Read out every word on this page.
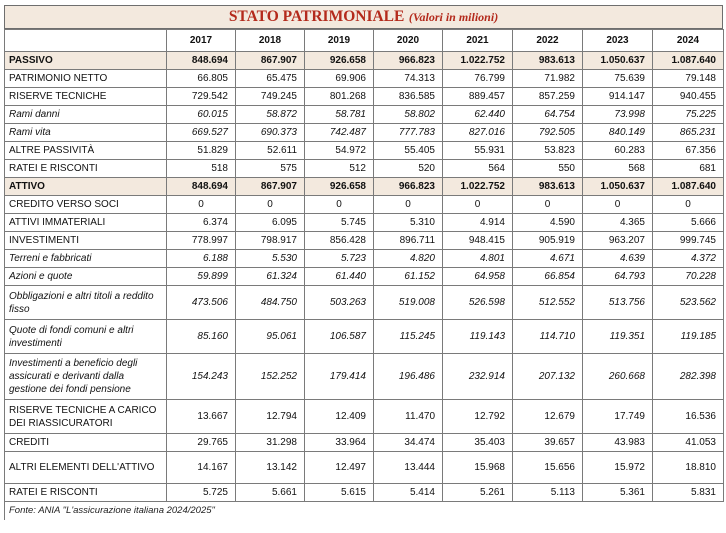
STATO PATRIMONIALE (Valori in milioni)
	2017	2018	2019	2020	2021	2022	2023	2024
PASSIVO	848.694	867.907	926.658	966.823	1.022.752	983.613	1.050.637	1.087.640
PATRIMONIO NETTO	66.805	65.475	69.906	74.313	76.799	71.982	75.639	79.148
RISERVE TECNICHE	729.542	749.245	801.268	836.585	889.457	857.259	914.147	940.455
Rami danni	60.015	58.872	58.781	58.802	62.440	64.754	73.998	75.225
Rami vita	669.527	690.373	742.487	777.783	827.016	792.505	840.149	865.231
ALTRE PASSIVITÀ	51.829	52.611	54.972	55.405	55.931	53.823	60.283	67.356
RATEI E RISCONTI	518	575	512	520	564	550	568	681
ATTIVO	848.694	867.907	926.658	966.823	1.022.752	983.613	1.050.637	1.087.640
CREDITO VERSO SOCI	0	0	0	0	0	0	0	0
ATTIVI IMMATERIALI	6.374	6.095	5.745	5.310	4.914	4.590	4.365	5.666
INVESTIMENTI	778.997	798.917	856.428	896.711	948.415	905.919	963.207	999.745
Terreni e fabbricati	6.188	5.530	5.723	4.820	4.801	4.671	4.639	4.372
Azioni e quote	59.899	61.324	61.440	61.152	64.958	66.854	64.793	70.228
Obbligazioni e altri titoli a reddito fisso	473.506	484.750	503.263	519.008	526.598	512.552	513.756	523.562
Quote di fondi comuni e altri investimenti	85.160	95.061	106.587	115.245	119.143	114.710	119.351	119.185
Investimenti a beneficio degli assicurati e derivanti dalla gestione dei fondi pensione	154.243	152.252	179.414	196.486	232.914	207.132	260.668	282.398
RISERVE TECNICHE A CARICO DEI RIASSICURATORI	13.667	12.794	12.409	11.470	12.792	12.679	17.749	16.536
CREDITI	29.765	31.298	33.964	34.474	35.403	39.657	43.983	41.053
ALTRI ELEMENTI DELL'ATTIVO	14.167	13.142	12.497	13.444	15.968	15.656	15.972	18.810
RATEI E RISCONTI	5.725	5.661	5.615	5.414	5.261	5.113	5.361	5.831
Fonte: ANIA "L'assicurazione italiana 2024/2025"
